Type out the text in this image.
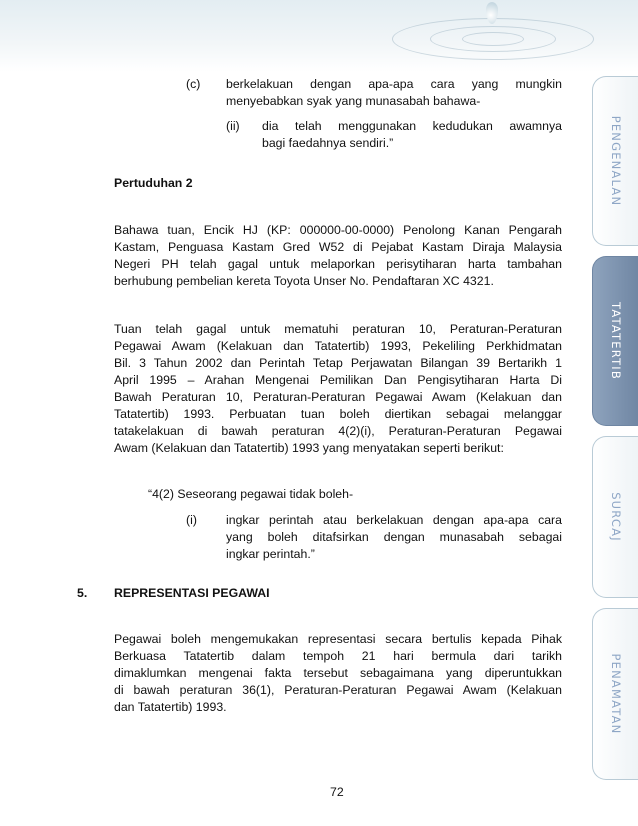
(c) berkelakuan dengan apa-apa cara yang mungkin
menyebabkan syak yang munasabah bahawa-
(ii) dia telah menggunakan kedudukan awamnya
bagi faedahnya sendiri.”
Pertuduhan 2
Bahawa tuan, Encik HJ (KP: 000000-00-0000) Penolong Kanan Pengarah
Kastam, Penguasa Kastam Gred W52 di Pejabat Kastam Diraja Malaysia
Negeri PH telah gagal untuk melaporkan perisytiharan harta tambahan
berhubung pembelian kereta Toyota Unser No. Pendaftaran XC 4321.
Tuan telah gagal untuk mematuhi peraturan 10, Peraturan-Peraturan
Pegawai Awam (Kelakuan dan Tatatertib) 1993, Pekeliling Perkhidmatan
Bil. 3 Tahun 2002 dan Perintah Tetap Perjawatan Bilangan 39 Bertarikh 1
April 1995 – Arahan Mengenai Pemilikan Dan Pengisytiharan Harta Di
Bawah Peraturan 10, Peraturan-Peraturan Pegawai Awam (Kelakuan dan
Tatatertib) 1993. Perbuatan tuan boleh diertikan sebagai melanggar
tatakelakuan di bawah peraturan 4(2)(i), Peraturan-Peraturan Pegawai
Awam (Kelakuan dan Tatatertib) 1993 yang menyatakan seperti berikut:
“4(2) Seseorang pegawai tidak boleh-
(i) ingkar perintah atau berkelakuan dengan apa-apa cara
yang boleh ditafsirkan dengan munasabah sebagai
ingkar perintah.”
5. REPRESENTASI PEGAWAI
Pegawai boleh mengemukakan representasi secara bertulis kepada Pihak
Berkuasa Tatatertib dalam tempoh 21 hari bermula dari tarikh
dimaklumkan mengenai fakta tersebut sebagaimana yang diperuntukkan
di bawah peraturan 36(1), Peraturan-Peraturan Pegawai Awam (Kelakuan
dan Tatatertib) 1993.
72
PENGENALAN
TATATERTIB
SURCAJ
PENAMATAN
